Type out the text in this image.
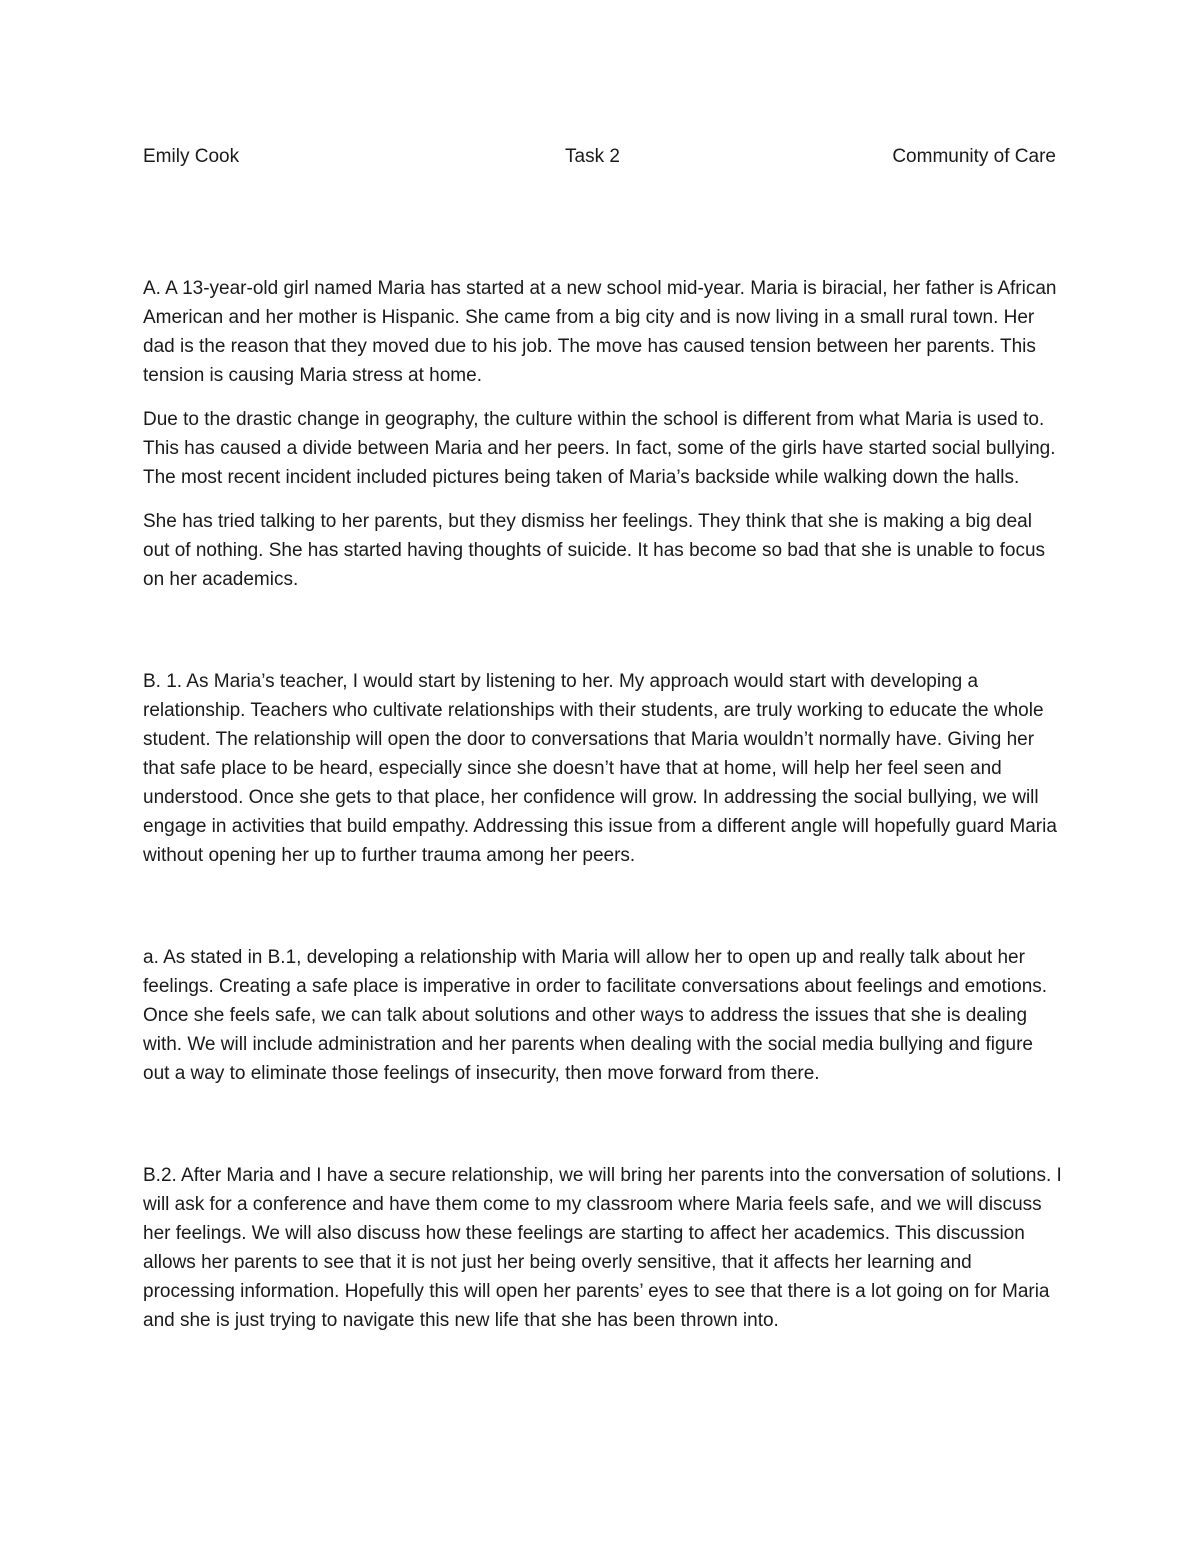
Emily Cook	Task 2	Community of Care

A. A 13-year-old girl named Maria has started at a new school mid-year. Maria is biracial, her father is African American and her mother is Hispanic. She came from a big city and is now living in a small rural town. Her dad is the reason that they moved due to his job. The move has caused tension between her parents. This tension is causing Maria stress at home.

Due to the drastic change in geography, the culture within the school is different from what Maria is used to. This has caused a divide between Maria and her peers. In fact, some of the girls have started social bullying. The most recent incident included pictures being taken of Maria’s backside while walking down the halls.

She has tried talking to her parents, but they dismiss her feelings. They think that she is making a big deal out of nothing. She has started having thoughts of suicide. It has become so bad that she is unable to focus on her academics.

B. 1. As Maria’s teacher, I would start by listening to her. My approach would start with developing a relationship. Teachers who cultivate relationships with their students, are truly working to educate the whole student. The relationship will open the door to conversations that Maria wouldn’t normally have. Giving her that safe place to be heard, especially since she doesn’t have that at home, will help her feel seen and understood. Once she gets to that place, her confidence will grow. In addressing the social bullying, we will engage in activities that build empathy. Addressing this issue from a different angle will hopefully guard Maria without opening her up to further trauma among her peers.

a. As stated in B.1, developing a relationship with Maria will allow her to open up and really talk about her feelings. Creating a safe place is imperative in order to facilitate conversations about feelings and emotions. Once she feels safe, we can talk about solutions and other ways to address the issues that she is dealing with. We will include administration and her parents when dealing with the social media bullying and figure out a way to eliminate those feelings of insecurity, then move forward from there.

B.2. After Maria and I have a secure relationship, we will bring her parents into the conversation of solutions. I will ask for a conference and have them come to my classroom where Maria feels safe, and we will discuss her feelings. We will also discuss how these feelings are starting to affect her academics. This discussion allows her parents to see that it is not just her being overly sensitive, that it affects her learning and processing information. Hopefully this will open her parents’ eyes to see that there is a lot going on for Maria and she is just trying to navigate this new life that she has been thrown into.
